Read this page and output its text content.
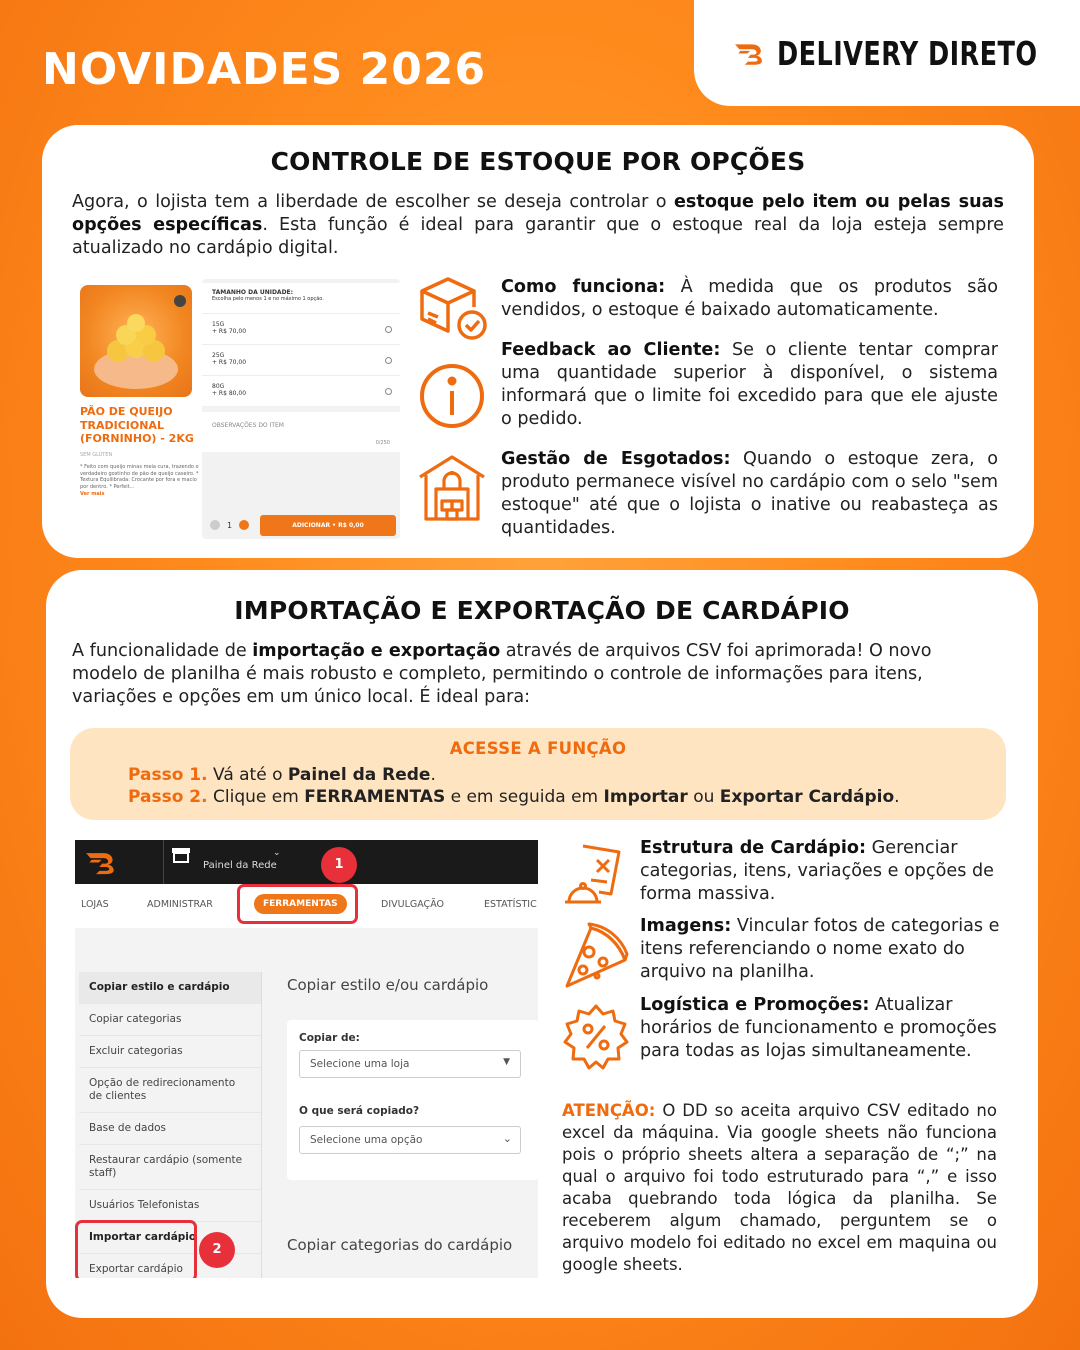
NOVIDADES 2026	DELIVERY DIRETO
CONTROLE DE ESTOQUE POR OPÇÕES
Agora, o lojista tem a liberdade de escolher se deseja controlar o estoque pelo item ou pelas suas opções específicas. Esta função é ideal para garantir que o estoque real da loja esteja sempre atualizado no cardápio digital.
PÃO DE QUEIJO TRADICIONAL (FORNINHO) - 2KG
SEM GLÚTEN
* Feito com queijo minas meia cura, trazendo o verdadeiro gostinho de pão de queijo caseiro. * Textura Equilibrada: Crocante por fora e macio por dentro. * Perfeit...
Ver mais
TAMANHO DA UNIDADE:
Escolha pelo menos 1 e no máximo 1 opção.
15G
+ R$ 70,00
25G
+ R$ 70,00
80G
+ R$ 80,00
OBSERVAÇÕES DO ITEM
0/250
1	ADICIONAR • R$ 0,00
Como funciona: À medida que os produtos são vendidos, o estoque é baixado automaticamente.
Feedback ao Cliente: Se o cliente tentar comprar uma quantidade superior à disponível, o sistema informará que o limite foi excedido para que ele ajuste o pedido.
Gestão de Esgotados: Quando o estoque zera, o produto permanece visível no cardápio com o selo "sem estoque" até que o lojista o inative ou reabasteça as quantidades.
IMPORTAÇÃO E EXPORTAÇÃO DE CARDÁPIO
A funcionalidade de importação e exportação através de arquivos CSV foi aprimorada! O novo modelo de planilha é mais robusto e completo, permitindo o controle de informações para itens, variações e opções em um único local. É ideal para:
ACESSE A FUNÇÃO
Passo 1. Vá até o Painel da Rede.
Passo 2. Clique em FERRAMENTAS e em seguida em Importar ou Exportar Cardápio.
Painel da Rede
⌄
LOJAS	ADMINISTRAR	FERRAMENTAS	DIVULGAÇÃO	ESTATÍSTIC
Copiar estilo e cardápio
Copiar categorias
Excluir categorias
Opção de redirecionamento de clientes
Base de dados
Restaurar cardápio (somente staff)
Usuários Telefonistas
Importar cardápio
Exportar cardápio
Copiar estilo e/ou cardápio
Copiar de:
Selecione uma loja	▼
O que será copiado?
Selecione uma opção	⌄
Copiar categorias do cardápio
1
2
Estrutura de Cardápio: Gerenciar categorias, itens, variações e opções de forma massiva.
Imagens: Vincular fotos de categorias e itens referenciando o nome exato do arquivo na planilha.
Logística e Promoções: Atualizar horários de funcionamento e promoções para todas as lojas simultaneamente.
ATENÇÃO: O DD so aceita arquivo CSV editado no excel da máquina. Via google sheets não funciona pois o próprio sheets altera a separação de “;” na qual o arquivo foi todo estruturado para “,” e isso acaba quebrando toda lógica da planilha. Se receberem algum chamado, perguntem se o arquivo modelo foi editado no excel em maquina ou google sheets.
